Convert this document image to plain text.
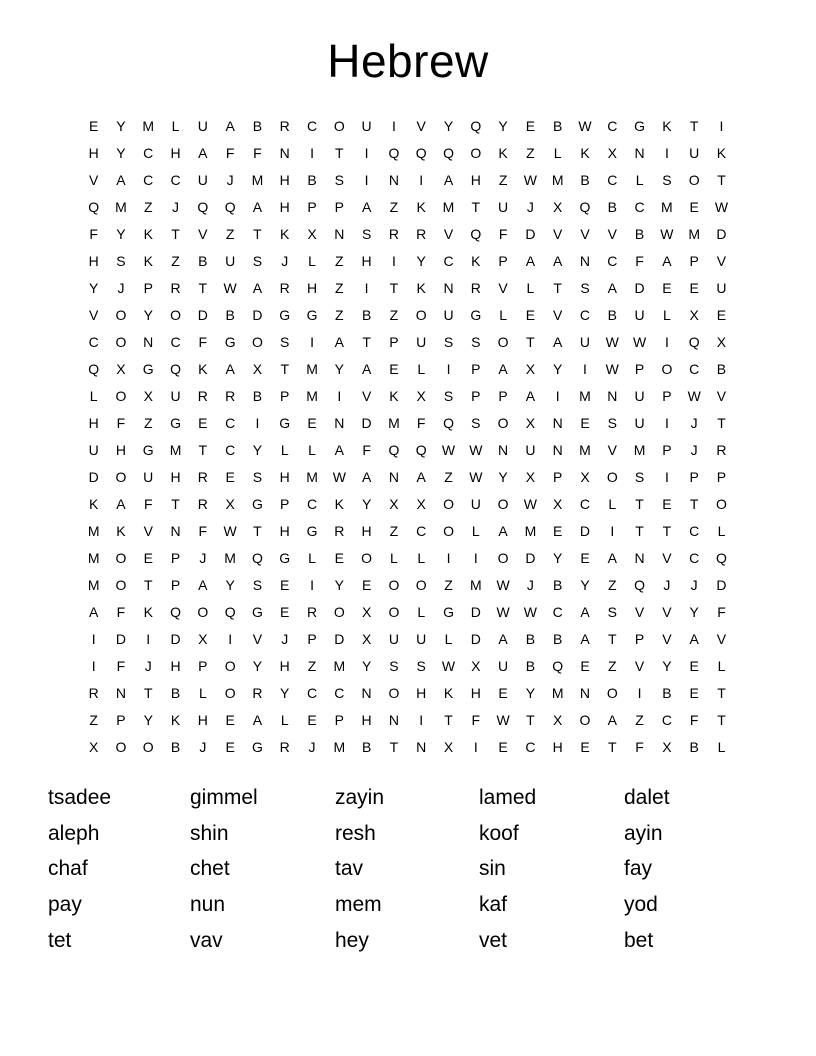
Hebrew
E	Y	M	L	U	A	B	R	C	O	U	I	V	Y	Q	Y	E	B	W	C	G	K	T	I
H	Y	C	H	A	F	F	N	I	T	I	Q	Q	Q	O	K	Z	L	K	X	N	I	U	K
V	A	C	C	U	J	M	H	B	S	I	N	I	A	H	Z	W	M	B	C	L	S	O	T
Q	M	Z	J	Q	Q	A	H	P	P	A	Z	K	M	T	U	J	X	Q	B	C	M	E	W
F	Y	K	T	V	Z	T	K	X	N	S	R	R	V	Q	F	D	V	V	V	B	W	M	D
H	S	K	Z	B	U	S	J	L	Z	H	I	Y	C	K	P	A	A	N	C	F	A	P	V
Y	J	P	R	T	W	A	R	H	Z	I	T	K	N	R	V	L	T	S	A	D	E	E	U
V	O	Y	O	D	B	D	G	G	Z	B	Z	O	U	G	L	E	V	C	B	U	L	X	E
C	O	N	C	F	G	O	S	I	A	T	P	U	S	S	O	T	A	U	W	W	I	Q	X
Q	X	G	Q	K	A	X	T	M	Y	A	E	L	I	P	A	X	Y	I	W	P	O	C	B
L	O	X	U	R	R	B	P	M	I	V	K	X	S	P	P	A	I	M	N	U	P	W	V
H	F	Z	G	E	C	I	G	E	N	D	M	F	Q	S	O	X	N	E	S	U	I	J	T
U	H	G	M	T	C	Y	L	L	A	F	Q	Q	W	W	N	U	N	M	V	M	P	J	R
D	O	U	H	R	E	S	H	M	W	A	N	A	Z	W	Y	X	P	X	O	S	I	P	P
K	A	F	T	R	X	G	P	C	K	Y	X	X	O	U	O	W	X	C	L	T	E	T	O
M	K	V	N	F	W	T	H	G	R	H	Z	C	O	L	A	M	E	D	I	T	T	C	L
M	O	E	P	J	M	Q	G	L	E	O	L	L	I	I	O	D	Y	E	A	N	V	C	Q
M	O	T	P	A	Y	S	E	I	Y	E	O	O	Z	M	W	J	B	Y	Z	Q	J	J	D
A	F	K	Q	O	Q	G	E	R	O	X	O	L	G	D	W	W	C	A	S	V	V	Y	F
I	D	I	D	X	I	V	J	P	D	X	U	U	L	D	A	B	B	A	T	P	V	A	V
I	F	J	H	P	O	Y	H	Z	M	Y	S	S	W	X	U	B	Q	E	Z	V	Y	E	L
R	N	T	B	L	O	R	Y	C	C	N	O	H	K	H	E	Y	M	N	O	I	B	E	T
Z	P	Y	K	H	E	A	L	E	P	H	N	I	T	F	W	T	X	O	A	Z	C	F	T
X	O	O	B	J	E	G	R	J	M	B	T	N	X	I	E	C	H	E	T	F	X	B	L
tsadee	gimmel	zayin	lamed	dalet
aleph	shin	resh	koof	ayin
chaf	chet	tav	sin	fay
pay	nun	mem	kaf	yod
tet	vav	hey	vet	bet
